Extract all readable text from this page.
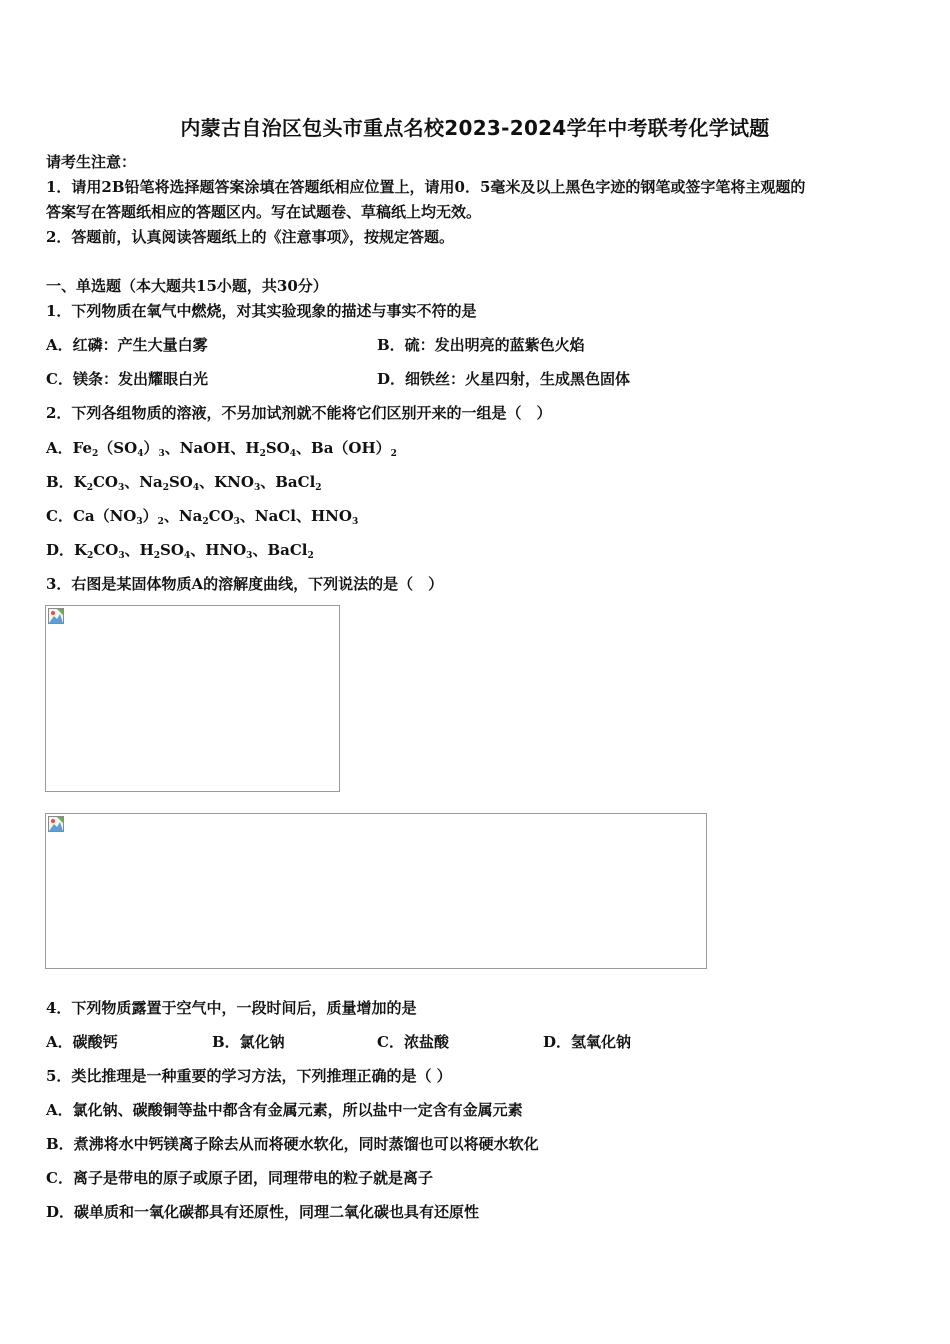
内蒙古自治区包头市重点名校2023-2024学年中考联考化学试题
请考生注意：
1．请用2B铅笔将选择题答案涂填在答题纸相应位置上，请用0．5毫米及以上黑色字迹的钢笔或签字笔将主观题的
答案写在答题纸相应的答题区内。写在试题卷、草稿纸上均无效。
2．答题前，认真阅读答题纸上的《注意事项》，按规定答题。
一、单选题（本大题共15小题，共30分）
1．下列物质在氧气中燃烧，对其实验现象的描述与事实不符的是
A．红磷：产生大量白雾	B．硫：发出明亮的蓝紫色火焰
C．镁条：发出耀眼白光	D．细铁丝：火星四射，生成黑色固体
2．下列各组物质的溶液，不另加试剂就不能将它们区别开来的一组是（　）
A．$Fe_2(SO_4)_3$、NaOH、$H_2SO_4$、$Ba(OH)_2$
B．$K_2CO_3$、$Na_2SO_4$、$KNO_3$、BaCl$_2$
C．$Ca(NO_3)_2$、$Na_2CO_3$、NaCl、$HNO_3$
D．$K_2CO_3$、$H_2SO_4$、$HNO_3$、BaCl$_2$
3．右图是某固体物质A的溶解度曲线，下列说法的是（　）
4．下列物质露置于空气中，一段时间后，质量增加的是
A．碳酸钙	B．氯化钠	C．浓盐酸	D．氢氧化钠
5．类比推理是一种重要的学习方法，下列推理正确的是（ ）
A．氯化钠、碳酸铜等盐中都含有金属元素，所以盐中一定含有金属元素
B．煮沸将水中钙镁离子除去从而将硬水软化，同时蒸馏也可以将硬水软化
C．离子是带电的原子或原子团，同理带电的粒子就是离子
D．碳单质和一氧化碳都具有还原性，同理二氧化碳也具有还原性
